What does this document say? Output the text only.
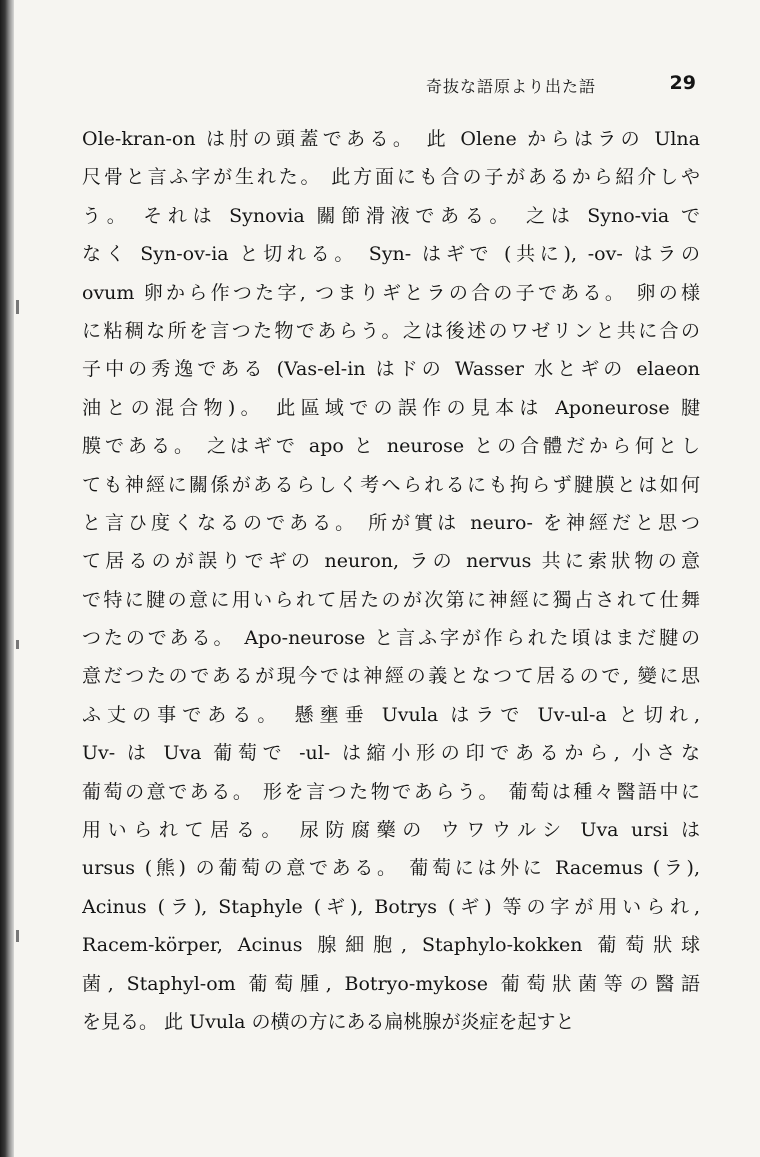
奇抜な語原より出た語	29
Ole-kran-on は肘の頭蓋である。 此 Olene からはラの Ulna
尺骨と言ふ字が生れた。 此方面にも合の子があるから紹介しや
う。 それは Synovia 關節滑液である。 之は Syno-via で
なく Syn-ov-ia と切れる。 Syn- はギで (共に), -ov- はラの
ovum 卵から作つた字, つまりギとラの合の子である。 卵の様
に粘稠な所を言つた物であらう。之は後述のワゼリンと共に合の
子中の秀逸である (Vas-el-in はドの Wasser 水とギの elaeon
油との混合物)。 此區域での誤作の見本は Aponeurose 腱
膜である。 之はギで apo と neurose との合體だから何とし
ても神經に關係があるらしく考へられるにも拘らず腱膜とは如何
と言ひ度くなるのである。 所が實は neuro- を神經だと思つ
て居るのが誤りでギの neuron, ラの nervus 共に索狀物の意
で特に腱の意に用いられて居たのが次第に神經に獨占されて仕舞
つたのである。 Apo-neurose と言ふ字が作られた頃はまだ腱の
意だつたのであるが現今では神經の義となつて居るので, 變に思
ふ丈の事である。 懸壅垂 Uvula はラで Uv-ul-a と切れ,
Uv- は Uva 葡萄で -ul- は縮小形の印であるから, 小さな
葡萄の意である。 形を言つた物であらう。 葡萄は種々醫語中に
用いられて居る。 尿防腐藥の ウワウルシ Uva ursi は
ursus (熊) の葡萄の意である。 葡萄には外に Racemus (ラ),
Acinus (ラ), Staphyle (ギ), Botrys (ギ) 等の字が用いられ,
Racem-körper, Acinus 腺細胞, Staphylo-kokken 葡萄狀球
菌, Staphyl-om 葡萄腫, Botryo-mykose 葡萄狀菌等の醫語
を見る。 此 Uvula の横の方にある扁桃腺が炎症を起すと
